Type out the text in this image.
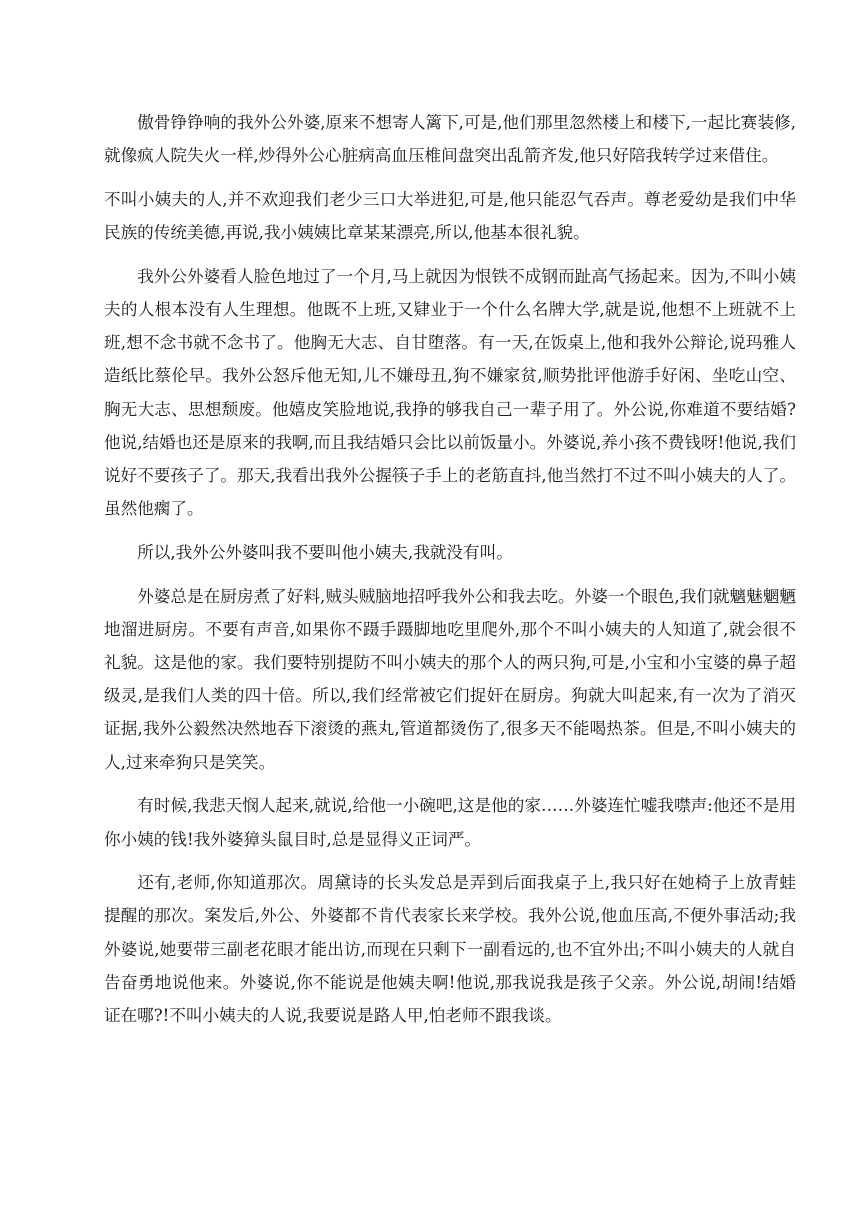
傲骨铮铮响的我外公外婆,原来不想寄人篱下,可是,他们那里忽然楼上和楼下,一起比赛装修,就像疯人院失火一样,炒得外公心脏病高血压椎间盘突出乱箭齐发,他只好陪我转学过来借住。

不叫小姨夫的人,并不欢迎我们老少三口大举进犯,可是,他只能忍气吞声。尊老爱幼是我们中华民族的传统美德,再说,我小姨姨比章某某漂亮,所以,他基本很礼貌。

我外公外婆看人脸色地过了一个月,马上就因为恨铁不成钢而趾高气扬起来。因为,不叫小姨夫的人根本没有人生理想。他既不上班,又肄业于一个什么名牌大学,就是说,他想不上班就不上班,想不念书就不念书了。他胸无大志、自甘堕落。有一天,在饭桌上,他和我外公辩论,说玛雅人造纸比蔡伦早。我外公怒斥他无知,儿不嫌母丑,狗不嫌家贫,顺势批评他游手好闲、坐吃山空、胸无大志、思想颓废。他嬉皮笑脸地说,我挣的够我自己一辈子用了。外公说,你难道不要结婚?他说,结婚也还是原来的我啊,而且我结婚只会比以前饭量小。外婆说,养小孩不费钱呀!他说,我们说好不要孩子了。那天,我看出我外公握筷子手上的老筋直抖,他当然打不过不叫小姨夫的人了。虽然他瘸了。

所以,我外公外婆叫我不要叫他小姨夫,我就没有叫。

外婆总是在厨房煮了好料,贼头贼脑地招呼我外公和我去吃。外婆一个眼色,我们就魑魅魍魉地溜进厨房。不要有声音,如果你不蹑手蹑脚地吃里爬外,那个不叫小姨夫的人知道了,就会很不礼貌。这是他的家。我们要特别提防不叫小姨夫的那个人的两只狗,可是,小宝和小宝婆的鼻子超级灵,是我们人类的四十倍。所以,我们经常被它们捉奸在厨房。狗就大叫起来,有一次为了消灭证据,我外公毅然决然地吞下滚烫的燕丸,管道都烫伤了,很多天不能喝热茶。但是,不叫小姨夫的人,过来牵狗只是笑笑。

有时候,我悲天悯人起来,就说,给他一小碗吧,这是他的家……外婆连忙嘘我噤声:他还不是用你小姨的钱!我外婆獐头鼠目时,总是显得义正词严。

还有,老师,你知道那次。周黛诗的长头发总是弄到后面我桌子上,我只好在她椅子上放青蛙提醒的那次。案发后,外公、外婆都不肯代表家长来学校。我外公说,他血压高,不便外事活动;我外婆说,她要带三副老花眼才能出访,而现在只剩下一副看远的,也不宜外出;不叫小姨夫的人就自告奋勇地说他来。外婆说,你不能说是他姨夫啊!他说,那我说我是孩子父亲。外公说,胡闹!结婚证在哪?!不叫小姨夫的人说,我要说是路人甲,怕老师不跟我谈。
